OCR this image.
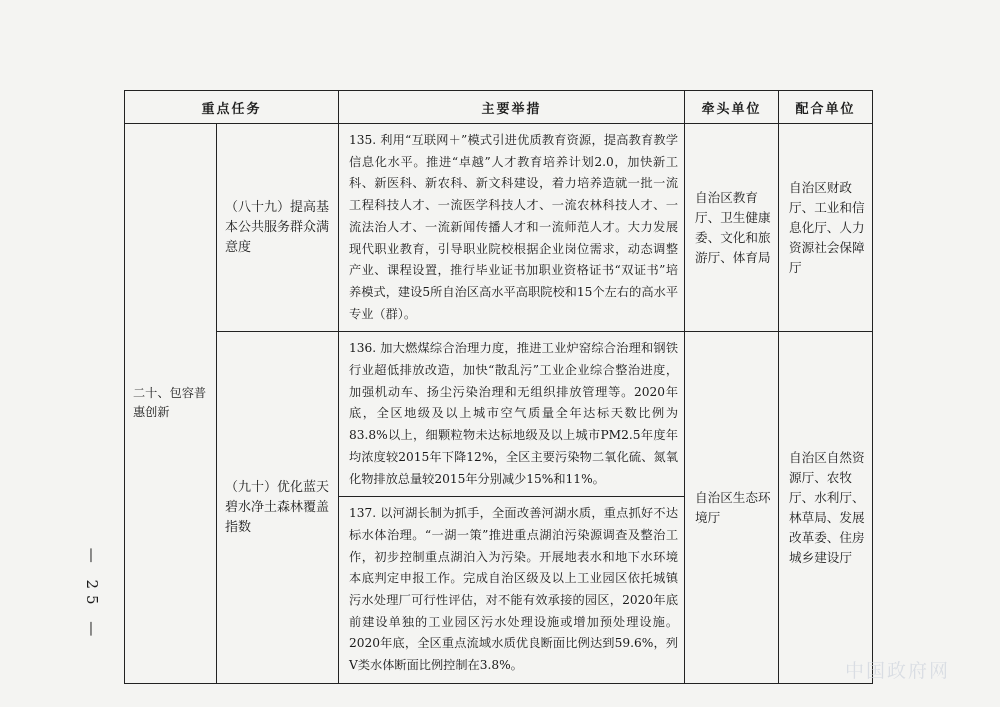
— 25 —
重点任务		主要举措	牵头单位	配合单位
二十、包容普惠创新	（八十九）提高基本公共服务群众满意度	135. 利用“互联网＋”模式引进优质教育资源，提高教育教学信息化水平。推进“卓越”人才教育培养计划2.0，加快新工科、新医科、新农科、新文科建设，着力培养造就一批一流工程科技人才、一流医学科技人才、一流农林科技人才、一流法治人才、一流新闻传播人才和一流师范人才。大力发展现代职业教育，引导职业院校根据企业岗位需求，动态调整产业、课程设置，推行毕业证书加职业资格证书“双证书”培养模式，建设5所自治区高水平高职院校和15个左右的高水平专业（群）。	自治区教育厅、卫生健康委、文化和旅游厅、体育局	自治区财政厅、工业和信息化厅、人力资源社会保障厅
	（九十）优化蓝天碧水净土森林覆盖指数	136. 加大燃煤综合治理力度，推进工业炉窑综合治理和钢铁行业超低排放改造，加快“散乱污”工业企业综合整治进度，加强机动车、扬尘污染治理和无组织排放管理等。2020年底，全区地级及以上城市空气质量全年达标天数比例为83.8%以上，细颗粒物未达标地级及以上城市PM2.5年度年均浓度较2015年下降12%，全区主要污染物二氧化硫、氮氧化物排放总量较2015年分别减少15%和11%。	自治区生态环境厅	自治区自然资源厅、农牧厅、水利厅、林草局、发展改革委、住房城乡建设厅
		137. 以河湖长制为抓手，全面改善河湖水质，重点抓好不达标水体治理。“一湖一策”推进重点湖泊污染源调查及整治工作，初步控制重点湖泊入为污染。开展地表水和地下水环境本底判定申报工作。完成自治区级及以上工业园区依托城镇污水处理厂可行性评估，对不能有效承接的园区，2020年底前建设单独的工业园区污水处理设施或增加预处理设施。2020年底，全区重点流域水质优良断面比例达到59.6%，列Ⅴ类水体断面比例控制在3.8%。			中国政府网
